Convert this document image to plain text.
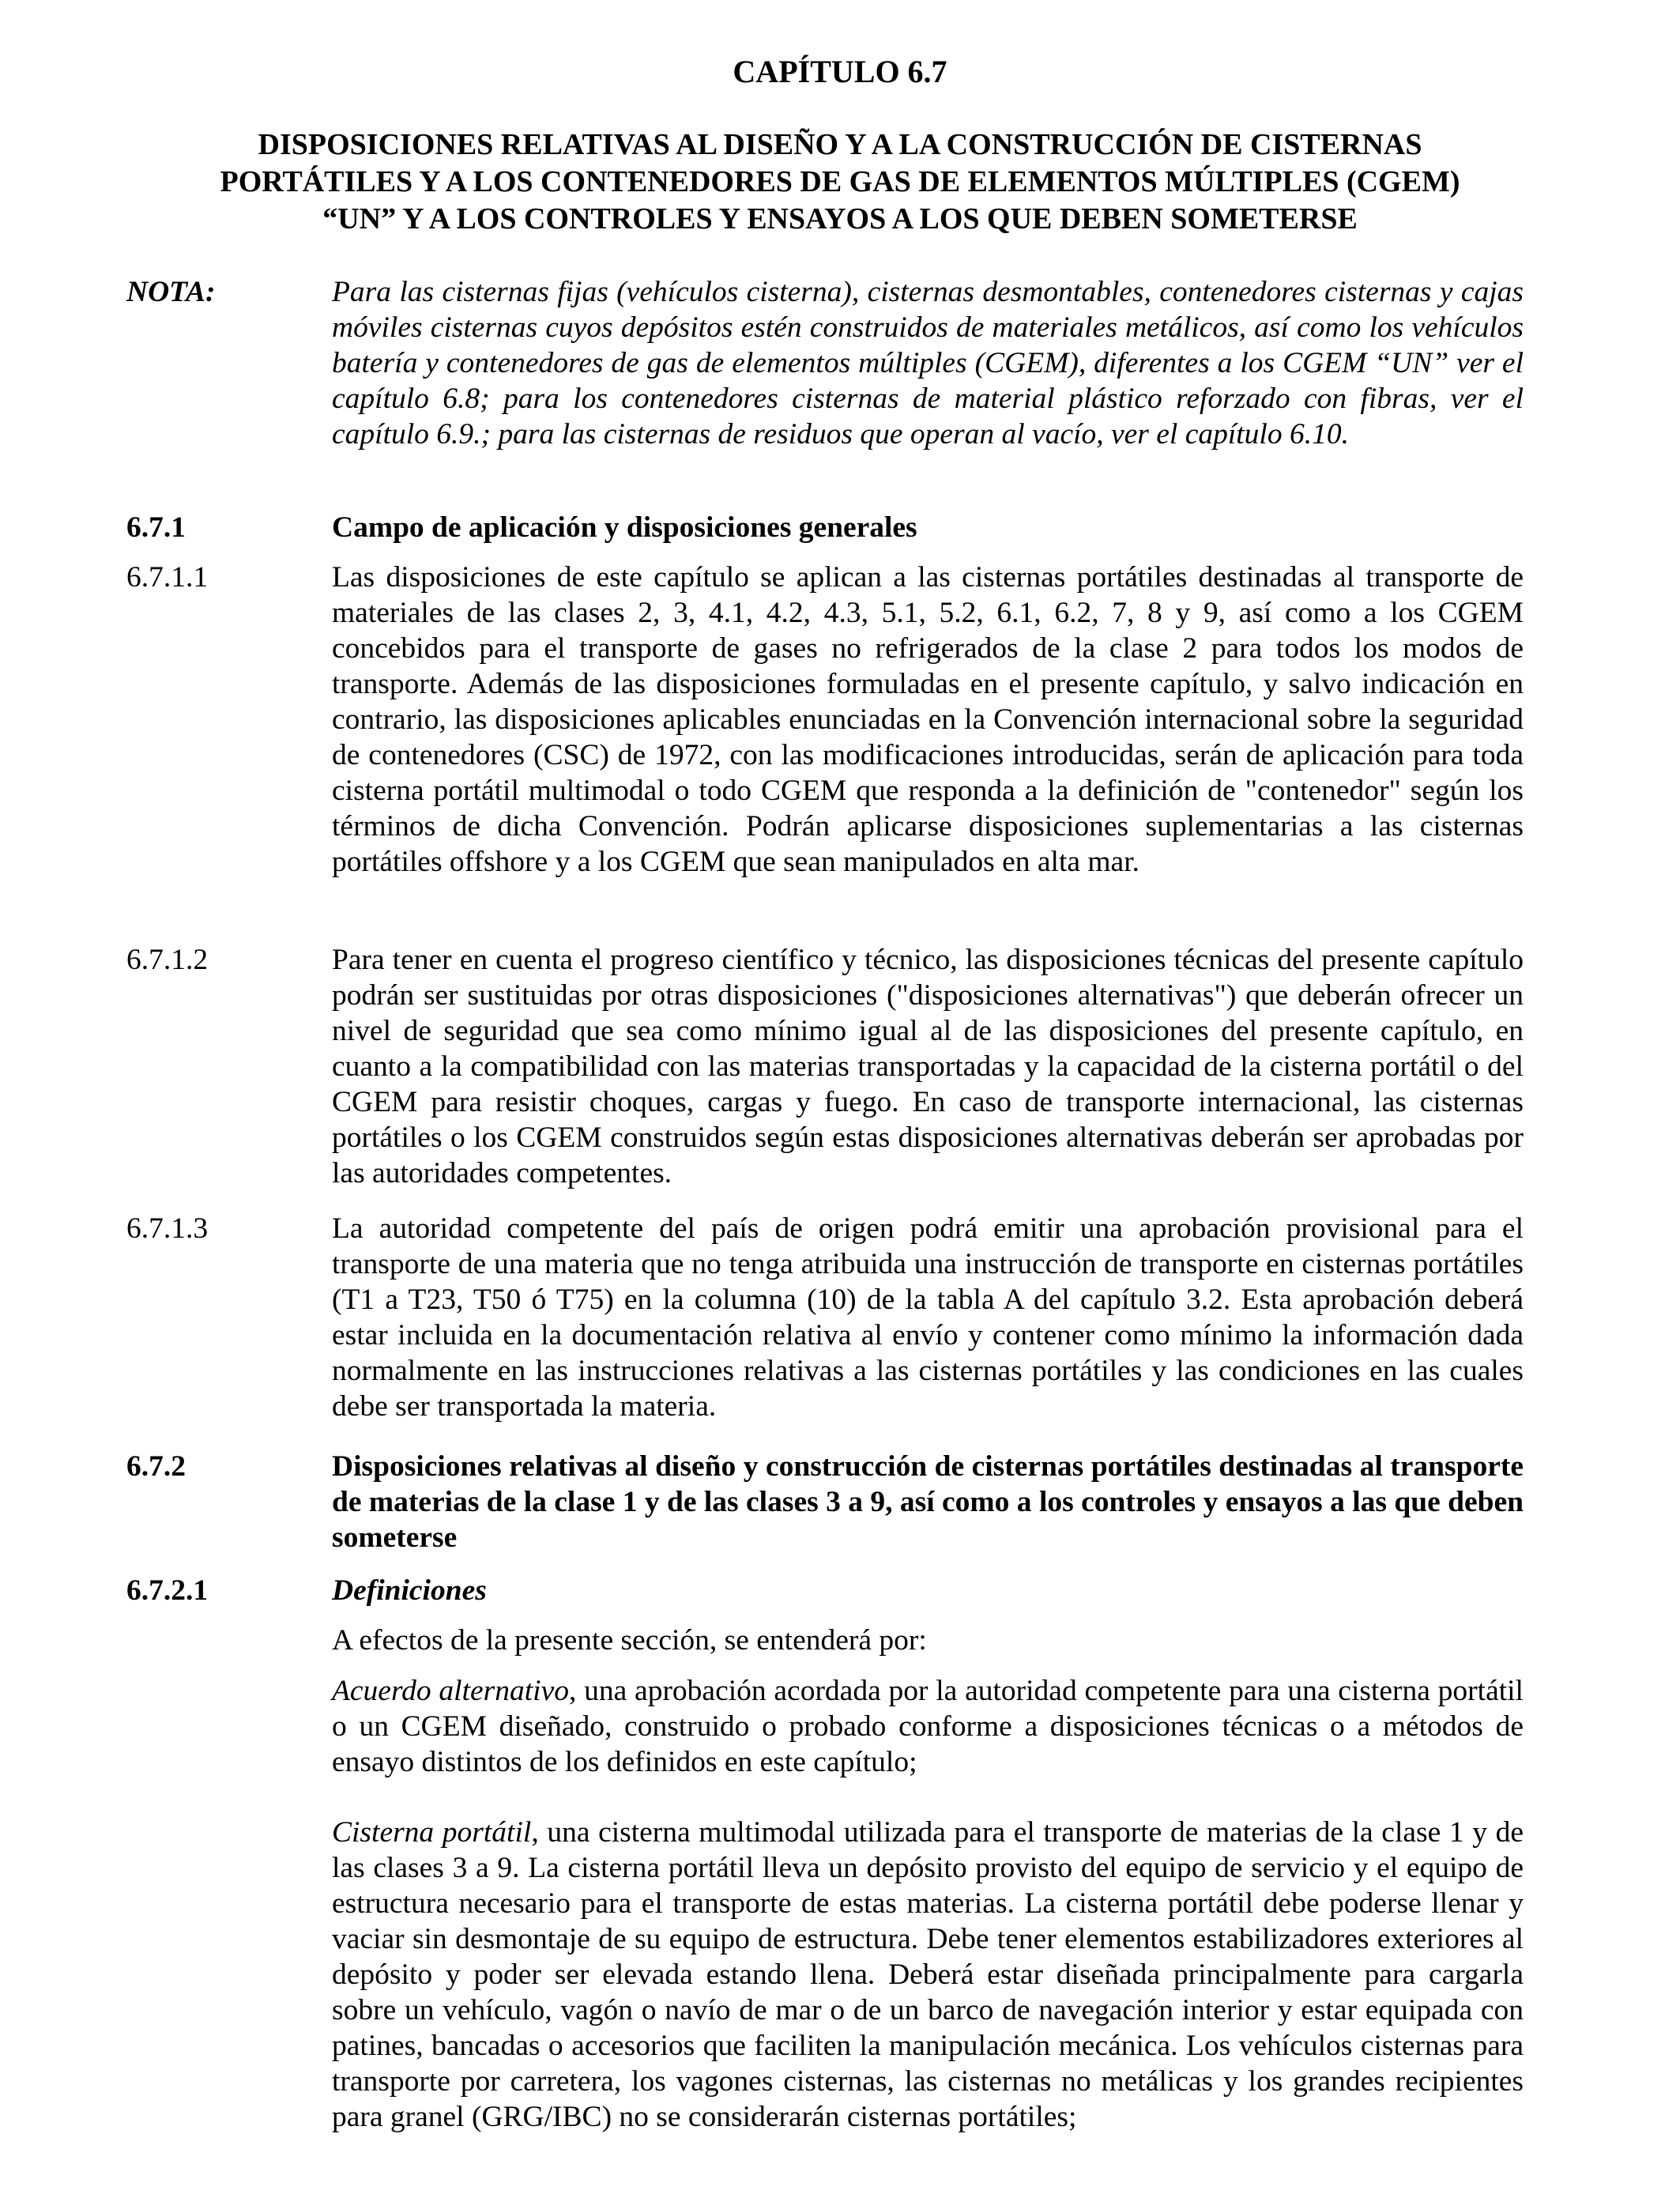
CAPÍTULO 6.7
DISPOSICIONES RELATIVAS AL DISEÑO Y A LA CONSTRUCCIÓN DE CISTERNAS
PORTÁTILES Y A LOS CONTENEDORES DE GAS DE ELEMENTOS MÚLTIPLES (CGEM)
“UN” Y A LOS CONTROLES Y ENSAYOS A LOS QUE DEBEN SOMETERSE
NOTA:	Para las cisternas fijas (vehículos cisterna), cisternas desmontables, contenedores cisternas y cajas móviles cisternas cuyos depósitos estén construidos de materiales metálicos, así como los vehículos batería y contenedores de gas de elementos múltiples (CGEM), diferentes a los CGEM “UN” ver el capítulo 6.8; para los contenedores cisternas de material plástico reforzado con fibras, ver el capítulo 6.9.; para las cisternas de residuos que operan al vacío, ver el capítulo 6.10.
6.7.1	Campo de aplicación y disposiciones generales
6.7.1.1	Las disposiciones de este capítulo se aplican a las cisternas portátiles destinadas al transporte de materiales de las clases 2, 3, 4.1, 4.2, 4.3, 5.1, 5.2, 6.1, 6.2, 7, 8 y 9, así como a los CGEM concebidos para el transporte de gases no refrigerados de la clase 2 para todos los modos de transporte. Además de las disposiciones formuladas en el presente capítulo, y salvo indicación en contrario, las disposiciones aplicables enunciadas en la Convención internacional sobre la seguridad de contenedores (CSC) de 1972, con las modificaciones introducidas, serán de aplicación para toda cisterna portátil multimodal o todo CGEM que responda a la definición de "contenedor" según los términos de dicha Convención. Podrán aplicarse disposiciones suplementarias a las cisternas portátiles offshore y a los CGEM que sean manipulados en alta mar.
6.7.1.2	Para tener en cuenta el progreso científico y técnico, las disposiciones técnicas del presente capítulo podrán ser sustituidas por otras disposiciones ("disposiciones alternativas") que deberán ofrecer un nivel de seguridad que sea como mínimo igual al de las disposiciones del presente capítulo, en cuanto a la compatibilidad con las materias transportadas y la capacidad de la cisterna portátil o del CGEM para resistir choques, cargas y fuego. En caso de transporte internacional, las cisternas portátiles o los CGEM construidos según estas disposiciones alternativas deberán ser aprobadas por las autoridades competentes.
6.7.1.3	La autoridad competente del país de origen podrá emitir una aprobación provisional para el transporte de una materia que no tenga atribuida una instrucción de transporte en cisternas portátiles (T1 a T23, T50 ó T75) en la columna (10) de la tabla A del capítulo 3.2. Esta aprobación deberá estar incluida en la documentación relativa al envío y contener como mínimo la información dada normalmente en las instrucciones relativas a las cisternas portátiles y las condiciones en las cuales debe ser transportada la materia.
6.7.2	Disposiciones relativas al diseño y construcción de cisternas portátiles destinadas al transporte de materias de la clase 1 y de las clases 3 a 9, así como a los controles y ensayos a las que deben someterse
6.7.2.1	Definiciones
A efectos de la presente sección, se entenderá por:

Acuerdo alternativo, una aprobación acordada por la autoridad competente para una cisterna portátil o un CGEM diseñado, construido o probado conforme a disposiciones técnicas o a métodos de ensayo distintos de los definidos en este capítulo;

Cisterna portátil, una cisterna multimodal utilizada para el transporte de materias de la clase 1 y de las clases 3 a 9. La cisterna portátil lleva un depósito provisto del equipo de servicio y el equipo de estructura necesario para el transporte de estas materias. La cisterna portátil debe poderse llenar y vaciar sin desmontaje de su equipo de estructura. Debe tener elementos estabilizadores exteriores al depósito y poder ser elevada estando llena. Deberá estar diseñada principalmente para cargarla sobre un vehículo, vagón o navío de mar o de un barco de navegación interior y estar equipada con patines, bancadas o accesorios que faciliten la manipulación mecánica. Los vehículos cisternas para transporte por carretera, los vagones cisternas, las cisternas no metálicas y los grandes recipientes para granel (GRG/IBC) no se considerarán cisternas portátiles;
